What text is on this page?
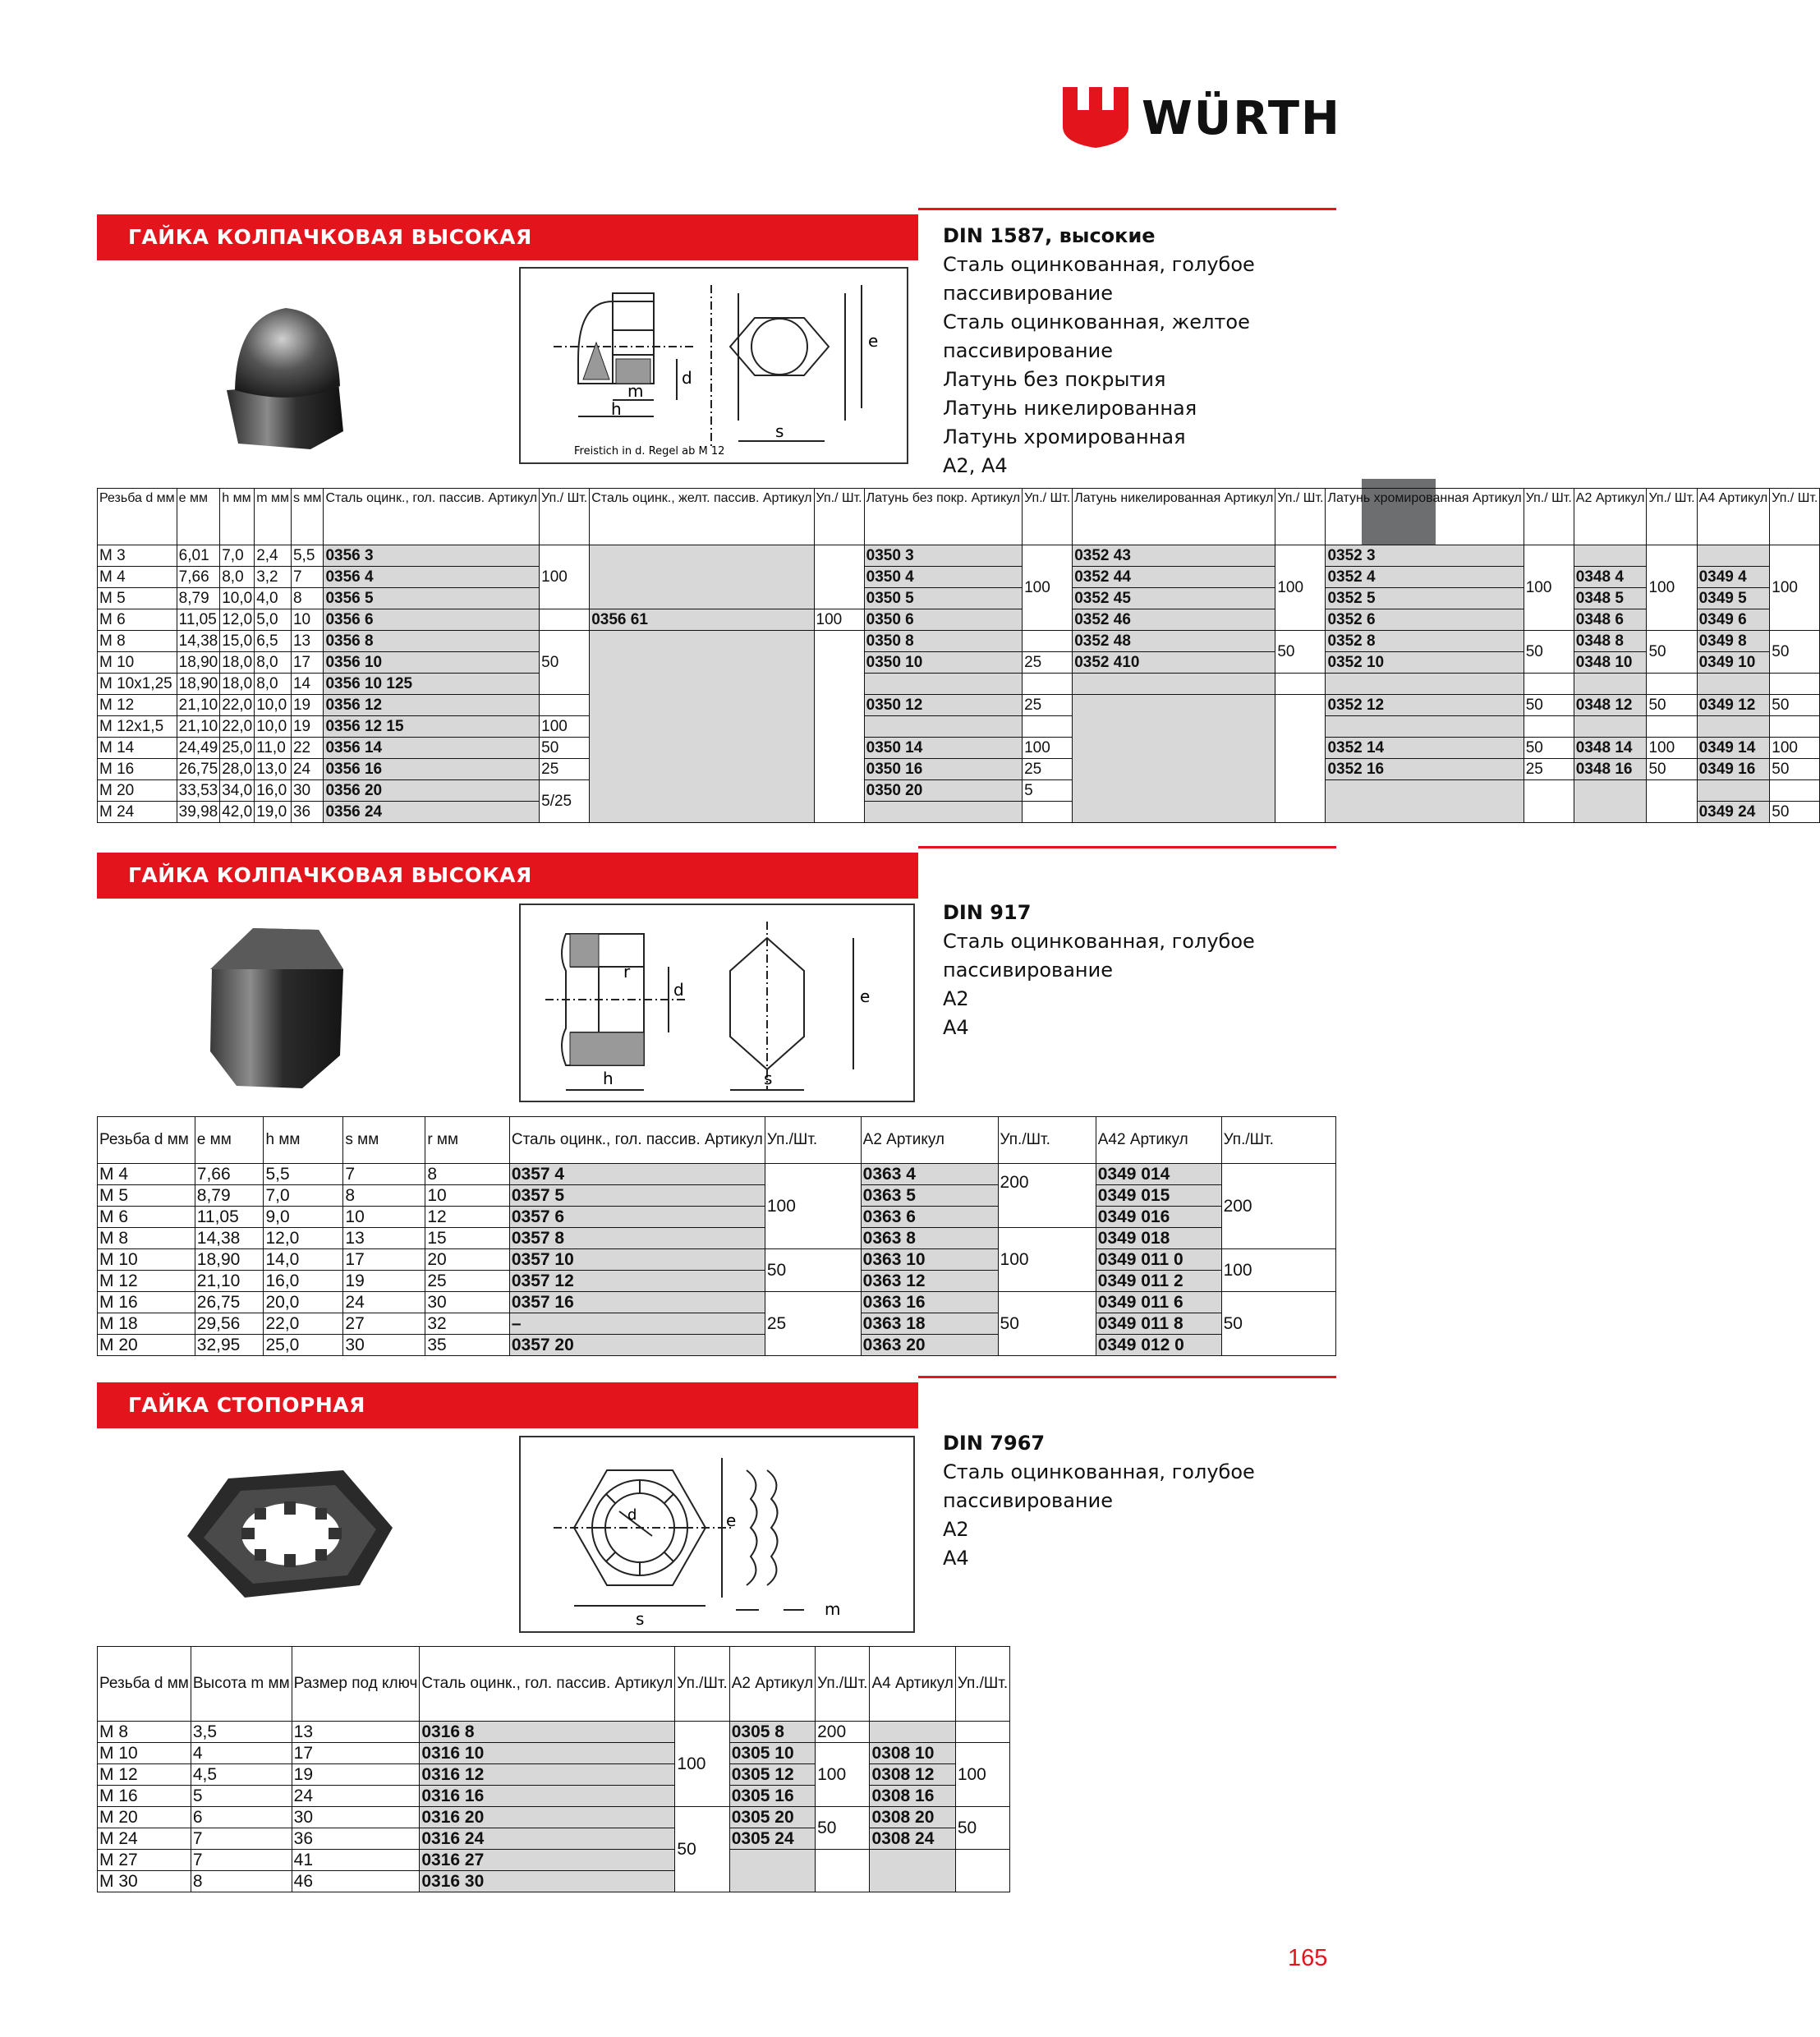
WÜRTH
ГАЙКА КОЛПАЧКОВАЯ ВЫСОКАЯ	DIN 1587, высокие
Сталь оцинкованная, голубое
пассивирование
Сталь оцинкованная, желтое
пассивирование
Латунь без покрытия
Латунь никелированная
Латунь хромированная
A2, A4
e
d
m
h
s
Freistich in d. Regel ab M 12
Резьба d мм	e мм	h мм	m мм	s мм	Сталь оцинк., гол. пассив. Артикул	Уп./ Шт.	Сталь оцинк., желт. пассив. Артикул	Уп./ Шт.	Латунь без покр. Артикул	Уп./ Шт.	Латунь никелированная Артикул	Уп./ Шт.	Латунь хромированная Артикул	Уп./ Шт.	A2 Артикул	Уп./ Шт.	A4 Артикул	Уп./ Шт.
M 3	6,01	7,0	2,4	5,5	0356 3	100			0350 3	100	0352 43	100	0352 3	100		100		100
M 4	7,66	8,0	3,2	7	0356 4				0350 4		0352 44		0352 4		0348 4		0349 4	
M 5	8,79	10,0	4,0	8	0356 5				0350 5		0352 45		0352 5		0348 5		0349 5	
M 6	11,05	12,0	5,0	10	0356 6		0356 61	100	0350 6		0352 46		0352 6		0348 6		0349 6	
M 8	14,38	15,0	6,5	13	0356 8	50			0350 8		0352 48	50	0352 8	50	0348 8	50	0349 8	50
M 10	18,90	18,0	8,0	17	0356 10				0350 10	25	0352 410		0352 10		0348 10		0349 10	
M 10x1,25	18,90	18,0	8,0	14	0356 10 125													
M 12	21,10	22,0	10,0	19	0356 12				0350 12	25			0352 12	50	0348 12	50	0349 12	50
M 12x1,5	21,10	22,0	10,0	19	0356 12 15	100												
M 14	24,49	25,0	11,0	22	0356 14	50			0350 14	100			0352 14	50	0348 14	100	0349 14	100
M 16	26,75	28,0	13,0	24	0356 16	25			0350 16	25			0352 16	25	0348 16	50	0349 16	50
M 20	33,53	34,0	16,0	30	0356 20	5/25			0350 20	5								
M 24	39,98	42,0	19,0	36	0356 24												0349 24	50
ГАЙКА КОЛПАЧКОВАЯ ВЫСОКАЯ
DIN 917
Сталь оцинкованная, голубое
пассивирование
A2
A4
r
d	e
h	s
Резьба d мм	e мм	h мм	s мм	r мм	Сталь оцинк., гол. пассив. Артикул	Уп./Шт.	A2 Артикул	Уп./Шт.	A42 Артикул	Уп./Шт.
M 4	7,66	5,5	7	8	0357 4	100	0363 4	200	0349 014	200
M 5	8,79	7,0	8	10	0357 5		0363 5		0349 015	
M 6	11,05	9,0	10	12	0357 6		0363 6		0349 016	
M 8	14,38	12,0	13	15	0357 8		0363 8	100	0349 018	
M 10	18,90	14,0	17	20	0357 10	50	0363 10		0349 011 0	100
M 12	21,10	16,0	19	25	0357 12		0363 12		0349 011 2	
M 16	26,75	20,0	24	30	0357 16	25	0363 16	50	0349 011 6	50
M 18	29,56	22,0	27	32	–		0363 18		0349 011 8	
M 20	32,95	25,0	30	35	0357 20		0363 20		0349 012 0	
ГАЙКА СТОПОРНАЯ
DIN 7967
Сталь оцинкованная, голубое
пассивирование
A2
A4
e
d
s	m
Резьба d мм	Высота m мм	Размер под ключ	Сталь оцинк., гол. пассив. Артикул	Уп./Шт.	A2 Артикул	Уп./Шт.	A4 Артикул	Уп./Шт.
M 8	3,5	13	0316 8	100	0305 8	200		
M 10	4	17	0316 10		0305 10	100	0308 10	100
M 12	4,5	19	0316 12		0305 12		0308 12	
M 16	5	24	0316 16		0305 16		0308 16	
M 20	6	30	0316 20	50	0305 20	50	0308 20	50
M 24	7	36	0316 24		0305 24		0308 24	
M 27	7	41	0316 27					
M 30	8	46	0316 30					
165
